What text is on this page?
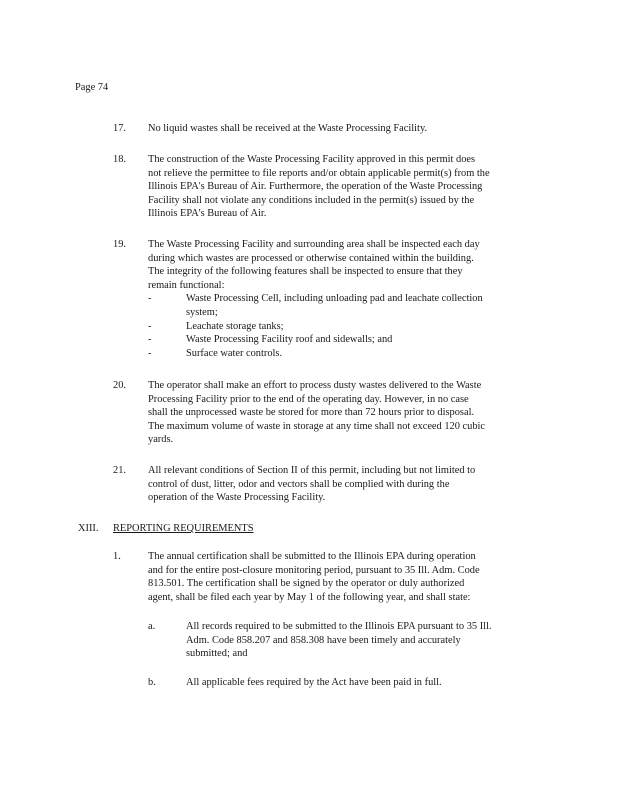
Page 74
17. No liquid wastes shall be received at the Waste Processing Facility.
18. The construction of the Waste Processing Facility approved in this permit does
not relieve the permittee to file reports and/or obtain applicable permit(s) from the
Illinois EPA's Bureau of Air. Furthermore, the operation of the Waste Processing
Facility shall not violate any conditions included in the permit(s) issued by the
Illinois EPA's Bureau of Air.
19. The Waste Processing Facility and surrounding area shall be inspected each day
during which wastes are processed or otherwise contained within the building.
The integrity of the following features shall be inspected to ensure that they
remain functional:
-	Waste Processing Cell, including unloading pad and leachate collection
system;
-	Leachate storage tanks;
-	Waste Processing Facility roof and sidewalls; and
-	Surface water controls.
20. The operator shall make an effort to process dusty wastes delivered to the Waste
Processing Facility prior to the end of the operating day. However, in no case
shall the unprocessed waste be stored for more than 72 hours prior to disposal.
The maximum volume of waste in storage at any time shall not exceed 120 cubic
yards.
21. All relevant conditions of Section II of this permit, including but not limited to
control of dust, litter, odor and vectors shall be complied with during the
operation of the Waste Processing Facility.
XIII. REPORTING REQUIREMENTS
1.	The annual certification shall be submitted to the Illinois EPA during operation
and for the entire post-closure monitoring period, pursuant to 35 Ill. Adm. Code
813.501. The certification shall be signed by the operator or duly authorized
agent, shall be filed each year by May 1 of the following year, and shall state:
a.	All records required to be submitted to the Illinois EPA pursuant to 35 Ill.
Adm. Code 858.207 and 858.308 have been timely and accurately
submitted; and
b.	All applicable fees required by the Act have been paid in full.
